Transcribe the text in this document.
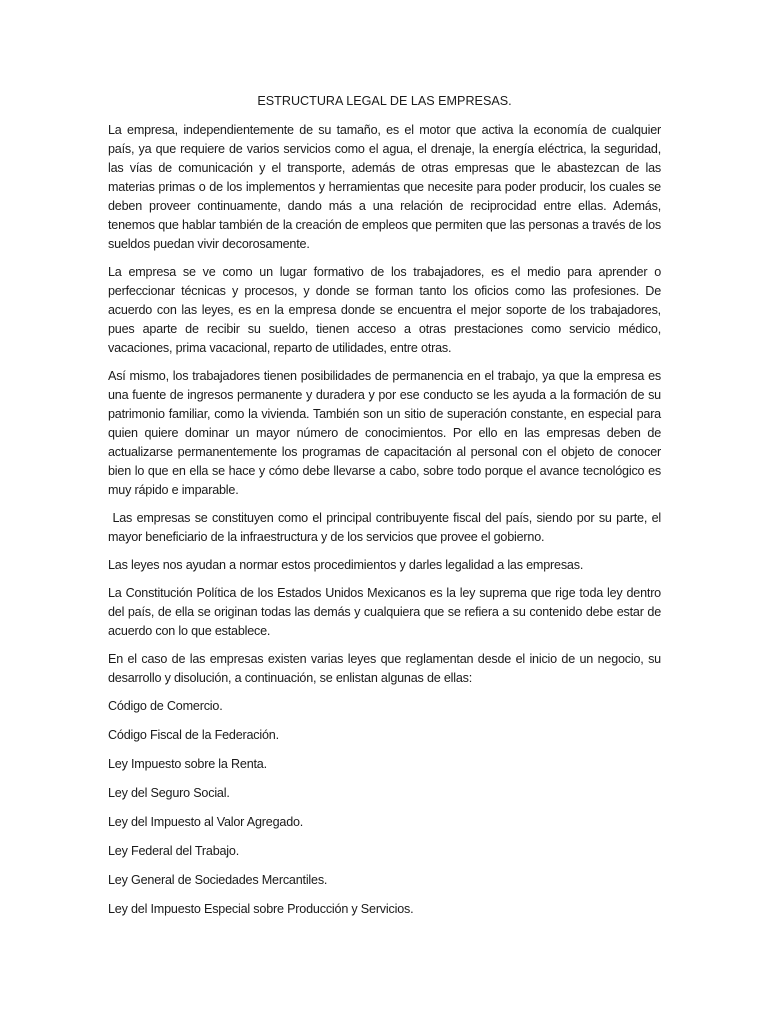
ESTRUCTURA LEGAL DE LAS EMPRESAS.

La empresa, independientemente de su tamaño, es el motor que activa la economía de cualquier país, ya que requiere de varios servicios como el agua, el drenaje, la energía eléctrica, la seguridad, las vías de comunicación y el transporte, además de otras empresas que le abastezcan de las materias primas o de los implementos y herramientas que necesite para poder producir, los cuales se deben proveer continuamente, dando más a una relación de reciprocidad entre ellas. Además, tenemos que hablar también de la creación de empleos que permiten que las personas a través de los sueldos puedan vivir decorosamente.

La empresa se ve como un lugar formativo de los trabajadores, es el medio para aprender o perfeccionar técnicas y procesos, y donde se forman tanto los oficios como las profesiones. De acuerdo con las leyes, es en la empresa donde se encuentra el mejor soporte de los trabajadores, pues aparte de recibir su sueldo, tienen acceso a otras prestaciones como servicio médico, vacaciones, prima vacacional, reparto de utilidades, entre otras.

Así mismo, los trabajadores tienen posibilidades de permanencia en el trabajo, ya que la empresa es una fuente de ingresos permanente y duradera y por ese conducto se les ayuda a la formación de su patrimonio familiar, como la vivienda. También son un sitio de superación constante, en especial para quien quiere dominar un mayor número de conocimientos. Por ello en las empresas deben de actualizarse permanentemente los programas de capacitación al personal con el objeto de conocer bien lo que en ella se hace y cómo debe llevarse a cabo, sobre todo porque el avance tecnológico es muy rápido e imparable.

Las empresas se constituyen como el principal contribuyente fiscal del país, siendo por su parte, el mayor beneficiario de la infraestructura y de los servicios que provee el gobierno.

Las leyes nos ayudan a normar estos procedimientos y darles legalidad a las empresas.

La Constitución Política de los Estados Unidos Mexicanos es la ley suprema que rige toda ley dentro del país, de ella se originan todas las demás y cualquiera que se refiera a su contenido debe estar de acuerdo con lo que establece.

En el caso de las empresas existen varias leyes que reglamentan desde el inicio de un negocio, su desarrollo y disolución, a continuación, se enlistan algunas de ellas:

Código de Comercio.
Código Fiscal de la Federación.
Ley Impuesto sobre la Renta.
Ley del Seguro Social.
Ley del Impuesto al Valor Agregado.
Ley Federal del Trabajo.
Ley General de Sociedades Mercantiles.
Ley del Impuesto Especial sobre Producción y Servicios.
